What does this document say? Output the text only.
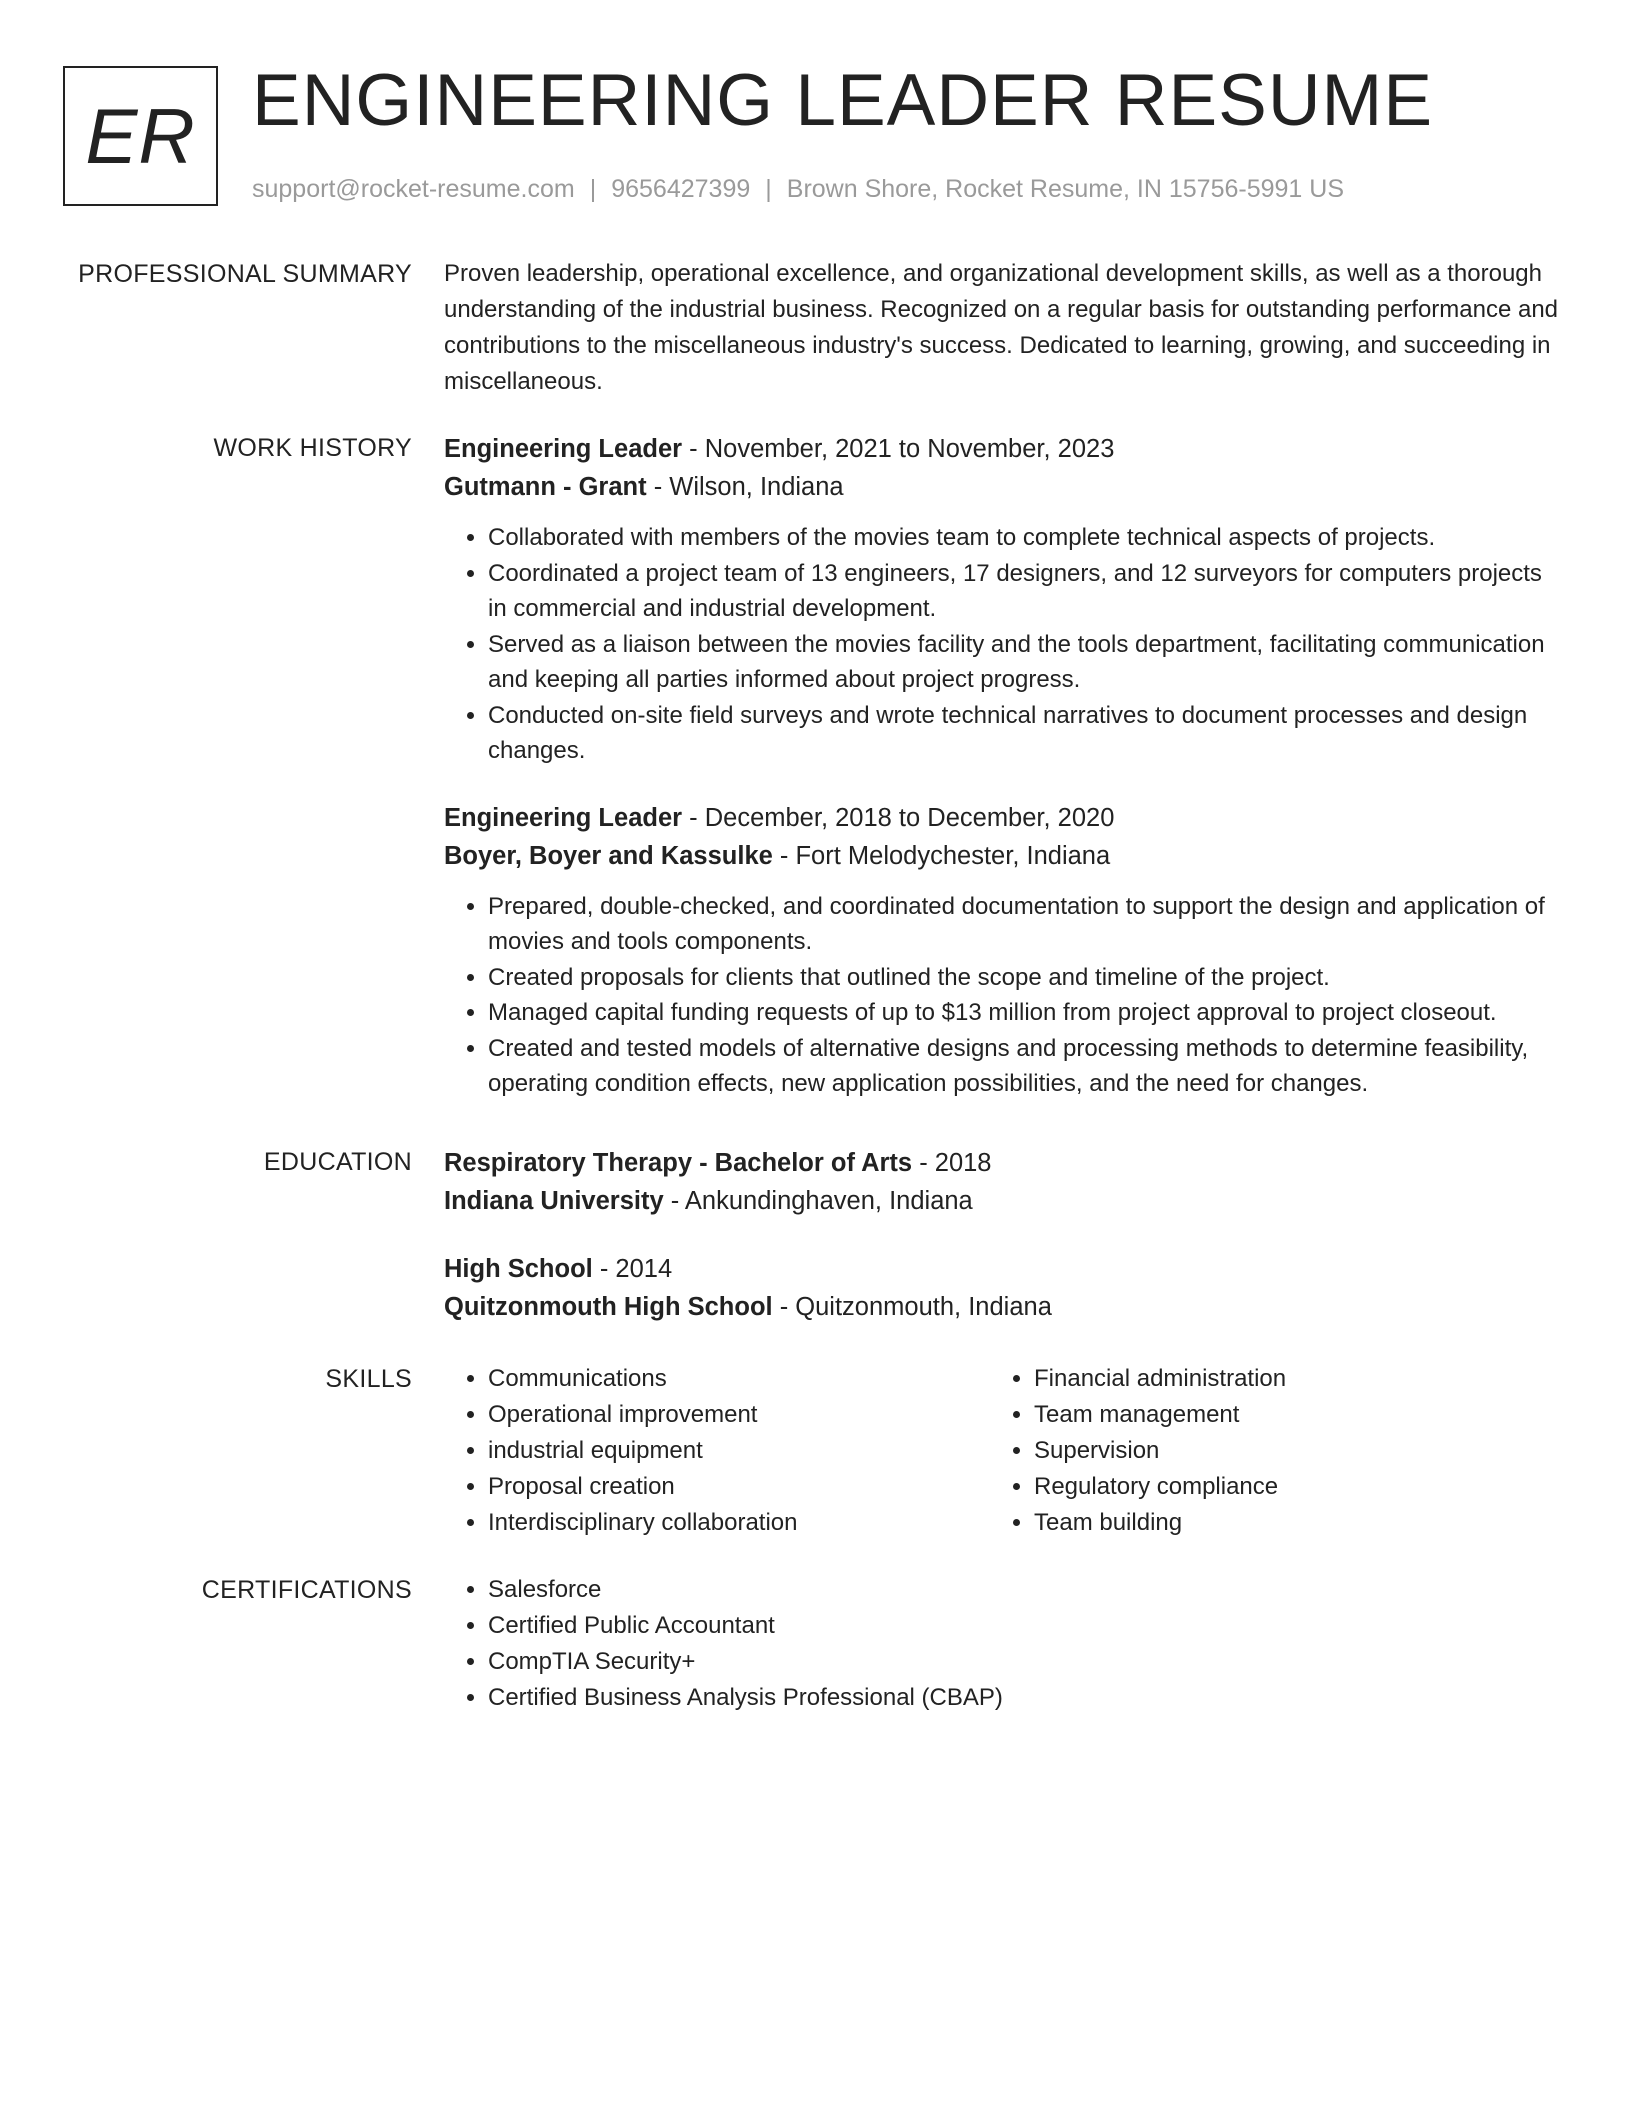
ER ENGINEERING LEADER RESUME
support@rocket-resume.com | 9656427399 | Brown Shore, Rocket Resume, IN 15756-5991 US
PROFESSIONAL SUMMARY Proven leadership, operational excellence, and organizational development skills, as well as a thorough understanding of the industrial business. Recognized on a regular basis for outstanding performance and contributions to the miscellaneous industry's success. Dedicated to learning, growing, and succeeding in miscellaneous.

WORK HISTORY Engineering Leader - November, 2021 to November, 2023
Gutmann - Grant - Wilson, Indiana
• Collaborated with members of the movies team to complete technical aspects of projects.
• Coordinated a project team of 13 engineers, 17 designers, and 12 surveyors for computers projects in commercial and industrial development.
• Served as a liaison between the movies facility and the tools department, facilitating communication and keeping all parties informed about project progress.
• Conducted on-site field surveys and wrote technical narratives to document processes and design changes.
Engineering Leader - December, 2018 to December, 2020
Boyer, Boyer and Kassulke - Fort Melodychester, Indiana
• Prepared, double-checked, and coordinated documentation to support the design and application of movies and tools components.
• Created proposals for clients that outlined the scope and timeline of the project.
• Managed capital funding requests of up to $13 million from project approval to project closeout.
• Created and tested models of alternative designs and processing methods to determine feasibility, operating condition effects, new application possibilities, and the need for changes.
EDUCATION Respiratory Therapy - Bachelor of Arts - 2018
Indiana University - Ankundinghaven, Indiana
High School - 2014
Quitzonmouth High School - Quitzonmouth, Indiana
SKILLS	• Communications
• Operational improvement
• industrial equipment
• Proposal creation
• Interdisciplinary collaboration
• Financial administration
• Team management
• Supervision
• Regulatory compliance
• Team building
CERTIFICATIONS	• Salesforce
• Certified Public Accountant
• CompTIA Security+
• Certified Business Analysis Professional (CBAP)
